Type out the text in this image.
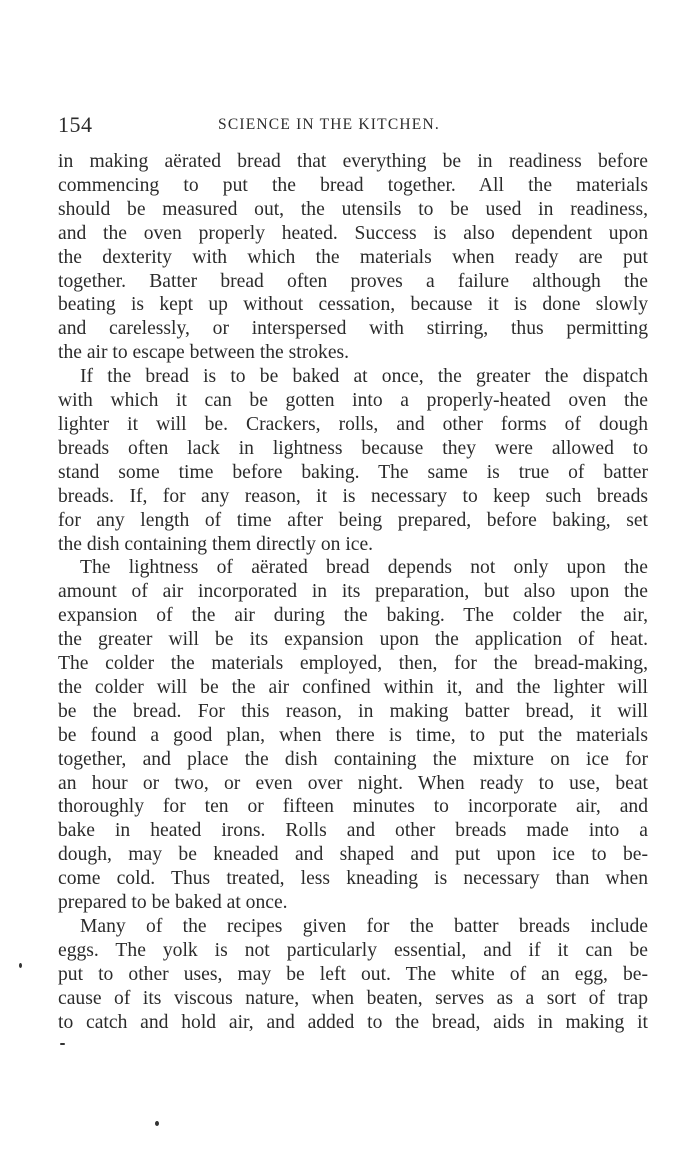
154	SCIENCE IN THE KITCHEN.

in making aërated bread that everything be in readiness before
commencing to put the bread together. All the materials
should be measured out, the utensils to be used in readiness,
and the oven properly heated. Success is also dependent upon
the dexterity with which the materials when ready are put
together. Batter bread often proves a failure although the
beating is kept up without cessation, because it is done slowly
and carelessly, or interspersed with stirring, thus permitting
the air to escape between the strokes.

If the bread is to be baked at once, the greater the dispatch
with which it can be gotten into a properly-heated oven the
lighter it will be. Crackers, rolls, and other forms of dough
breads often lack in lightness because they were allowed to
stand some time before baking. The same is true of batter
breads. If, for any reason, it is necessary to keep such breads
for any length of time after being prepared, before baking, set
the dish containing them directly on ice.

The lightness of aërated bread depends not only upon the
amount of air incorporated in its preparation, but also upon the
expansion of the air during the baking. The colder the air,
the greater will be its expansion upon the application of heat.
The colder the materials employed, then, for the bread-making,
the colder will be the air confined within it, and the lighter will
be the bread. For this reason, in making batter bread, it will
be found a good plan, when there is time, to put the materials
together, and place the dish containing the mixture on ice for
an hour or two, or even over night. When ready to use, beat
thoroughly for ten or fifteen minutes to incorporate air, and
bake in heated irons. Rolls and other breads made into a
dough, may be kneaded and shaped and put upon ice to be-
come cold. Thus treated, less kneading is necessary than when
prepared to be baked at once.

Many of the recipes given for the batter breads include
eggs. The yolk is not particularly essential, and if it can be
put to other uses, may be left out. The white of an egg, be-
cause of its viscous nature, when beaten, serves as a sort of trap
to catch and hold air, and added to the bread, aids in making it
